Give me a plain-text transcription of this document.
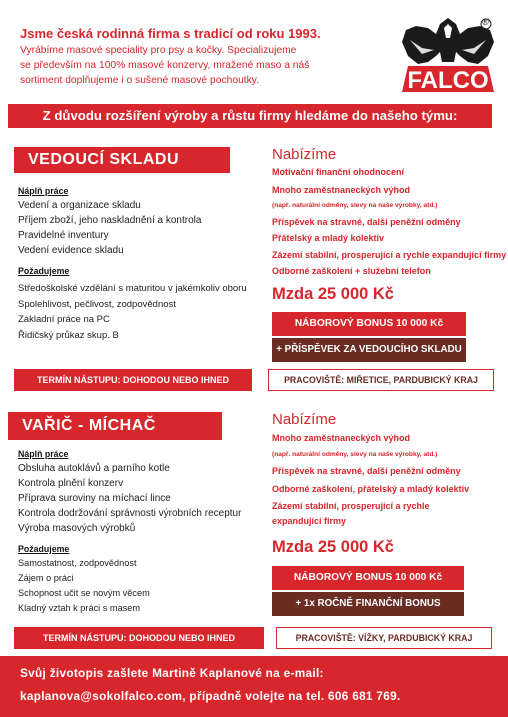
Jsme česká rodinná firma s tradicí od roku 1993.
Vyrábíme masové speciality pro psy a kočky. Specializujeme
se především na 100% masové konzervy, mražené maso a náš
sortiment doplňujeme i o sušené masové pochoutky.	FALCO
®
Z důvodu rozšíření výroby a růstu firmy hledáme do našeho týmu:
VEDOUCÍ SKLADU
Náplň práce
Vedení a organizace skladu
Příjem zboží, jeho naskladnění a kontrola
Pravidelné inventury
Vedení evidence skladu
Požadujeme
Středoškolské vzdělání s maturitou v jakémkoliv oboru
Spolehlivost, pečlivost, zodpovědnost
Základní práce na PC
Řidičský průkaz skup. B
Nabízíme
Motivační finanční ohodnocení
Mnoho zaměstnaneckých výhod
(např. naturální odměny, slevy na naše výrobky, atd.)
Příspěvek na stravné, další peněžní odměny
Přátelský a mladý kolektiv
Zázemí stabilní, prosperující a rychle expandující firmy
Odborné zaškolení + služební telefon
Mzda 25 000 Kč
NÁBOROVÝ BONUS 10 000 Kč
+ PŘÍSPĚVEK ZA VEDOUCÍHO SKLADU
TERMÍN NÁSTUPU: DOHODOU NEBO IHNED	PRACOVIŠTĚ: MIŘETICE, PARDUBICKÝ KRAJ
VAŘIČ - MÍCHAČ
Náplň práce
Obsluha autoklávů a parního kotle
Kontrola plnění konzerv
Příprava suroviny na míchací lince
Kontrola dodržování správnosti výrobních receptur
Výroba masových výrobků
Požadujeme
Samostatnost, zodpovědnost
Zájem o práci
Schopnost učit se novým věcem
Kladný vztah k práci s masem
Nabízíme
Mnoho zaměstnaneckých výhod
(např. naturální odměny, slevy na naše výrobky, atd.)
Příspěvek na stravné, další peněžní odměny
Odborné zaškolení, přátelský a mladý kolektiv
Zázemí stabilní, prosperující a rychle
expandující firmy
Mzda 25 000 Kč
NÁBOROVÝ BONUS 10 000 Kč
+ 1x ROČNĚ FINANČNÍ BONUS
TERMÍN NÁSTUPU: DOHODOU NEBO IHNED	PRACOVIŠTĚ: VÍŽKY, PARDUBICKÝ KRAJ
Svůj životopis zašlete Martině Kaplanové na e-mail:
kaplanova@sokolfalco.com, případně volejte na tel. 606 681 769.
